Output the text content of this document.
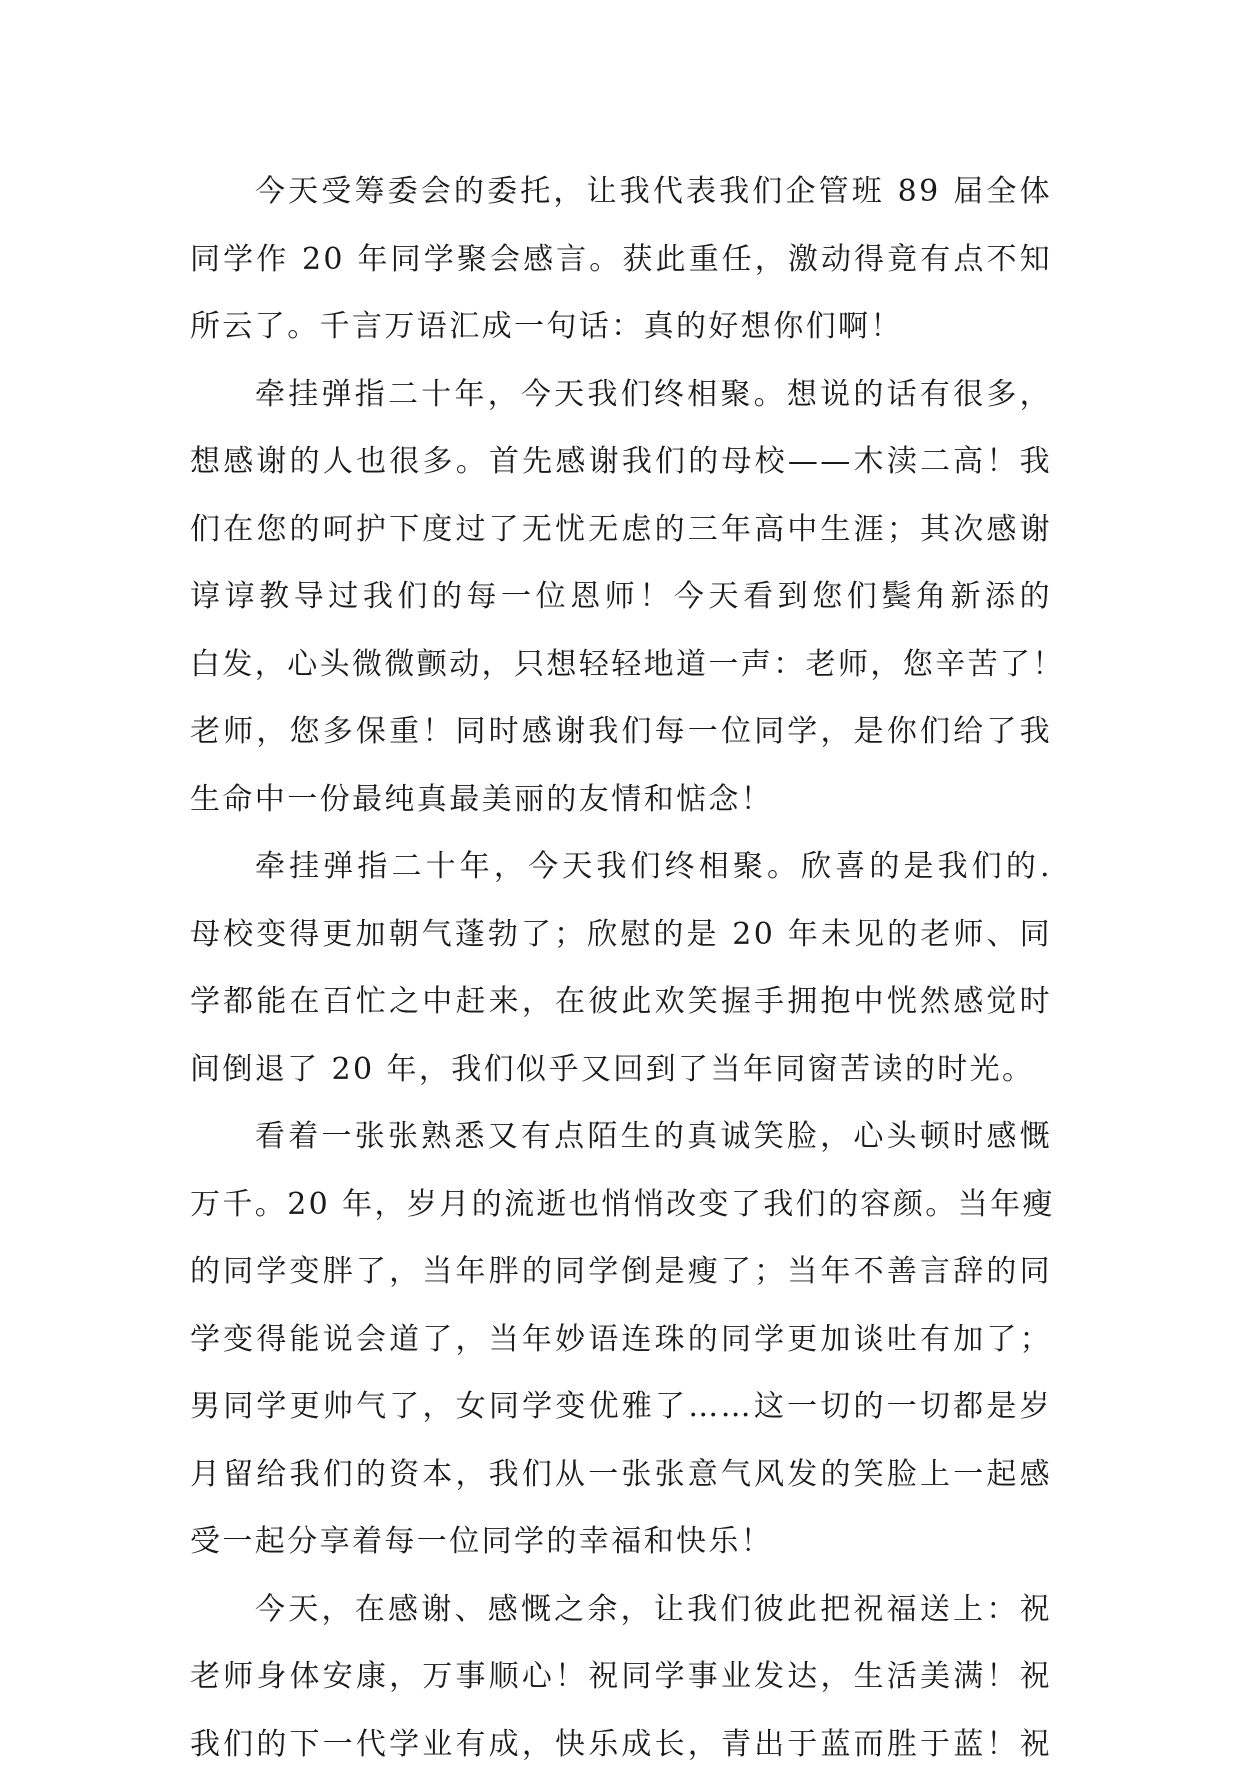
今天受筹委会的委托，让我代表我们企管班 89 届全体
同学作 20 年同学聚会感言。获此重任，激动得竟有点不知
所云了。千言万语汇成一句话：真的好想你们啊！
牵挂弹指二十年，今天我们终相聚。想说的话有很多，
想感谢的人也很多。首先感谢我们的母校——木渎二高！我
们在您的呵护下度过了无忧无虑的三年高中生涯；其次感谢
谆谆教导过我们的每一位恩师！今天看到您们鬓角新添的
白发，心头微微颤动，只想轻轻地道一声：老师，您辛苦了！
老师，您多保重！同时感谢我们每一位同学，是你们给了我
生命中一份最纯真最美丽的友情和惦念！
牵挂弹指二十年，今天我们终相聚。欣喜的是我们的.
母校变得更加朝气蓬勃了；欣慰的是 20 年未见的老师、同
学都能在百忙之中赶来，在彼此欢笑握手拥抱中恍然感觉时
间倒退了 20 年，我们似乎又回到了当年同窗苦读的时光。
看着一张张熟悉又有点陌生的真诚笑脸，心头顿时感慨
万千。20 年，岁月的流逝也悄悄改变了我们的容颜。当年瘦
的同学变胖了，当年胖的同学倒是瘦了；当年不善言辞的同
学变得能说会道了，当年妙语连珠的同学更加谈吐有加了；
男同学更帅气了，女同学变优雅了……这一切的一切都是岁
月留给我们的资本，我们从一张张意气风发的笑脸上一起感
受一起分享着每一位同学的幸福和快乐！
今天，在感谢、感慨之余，让我们彼此把祝福送上：祝
老师身体安康，万事顺心！祝同学事业发达，生活美满！祝
我们的下一代学业有成，快乐成长，青出于蓝而胜于蓝！祝
